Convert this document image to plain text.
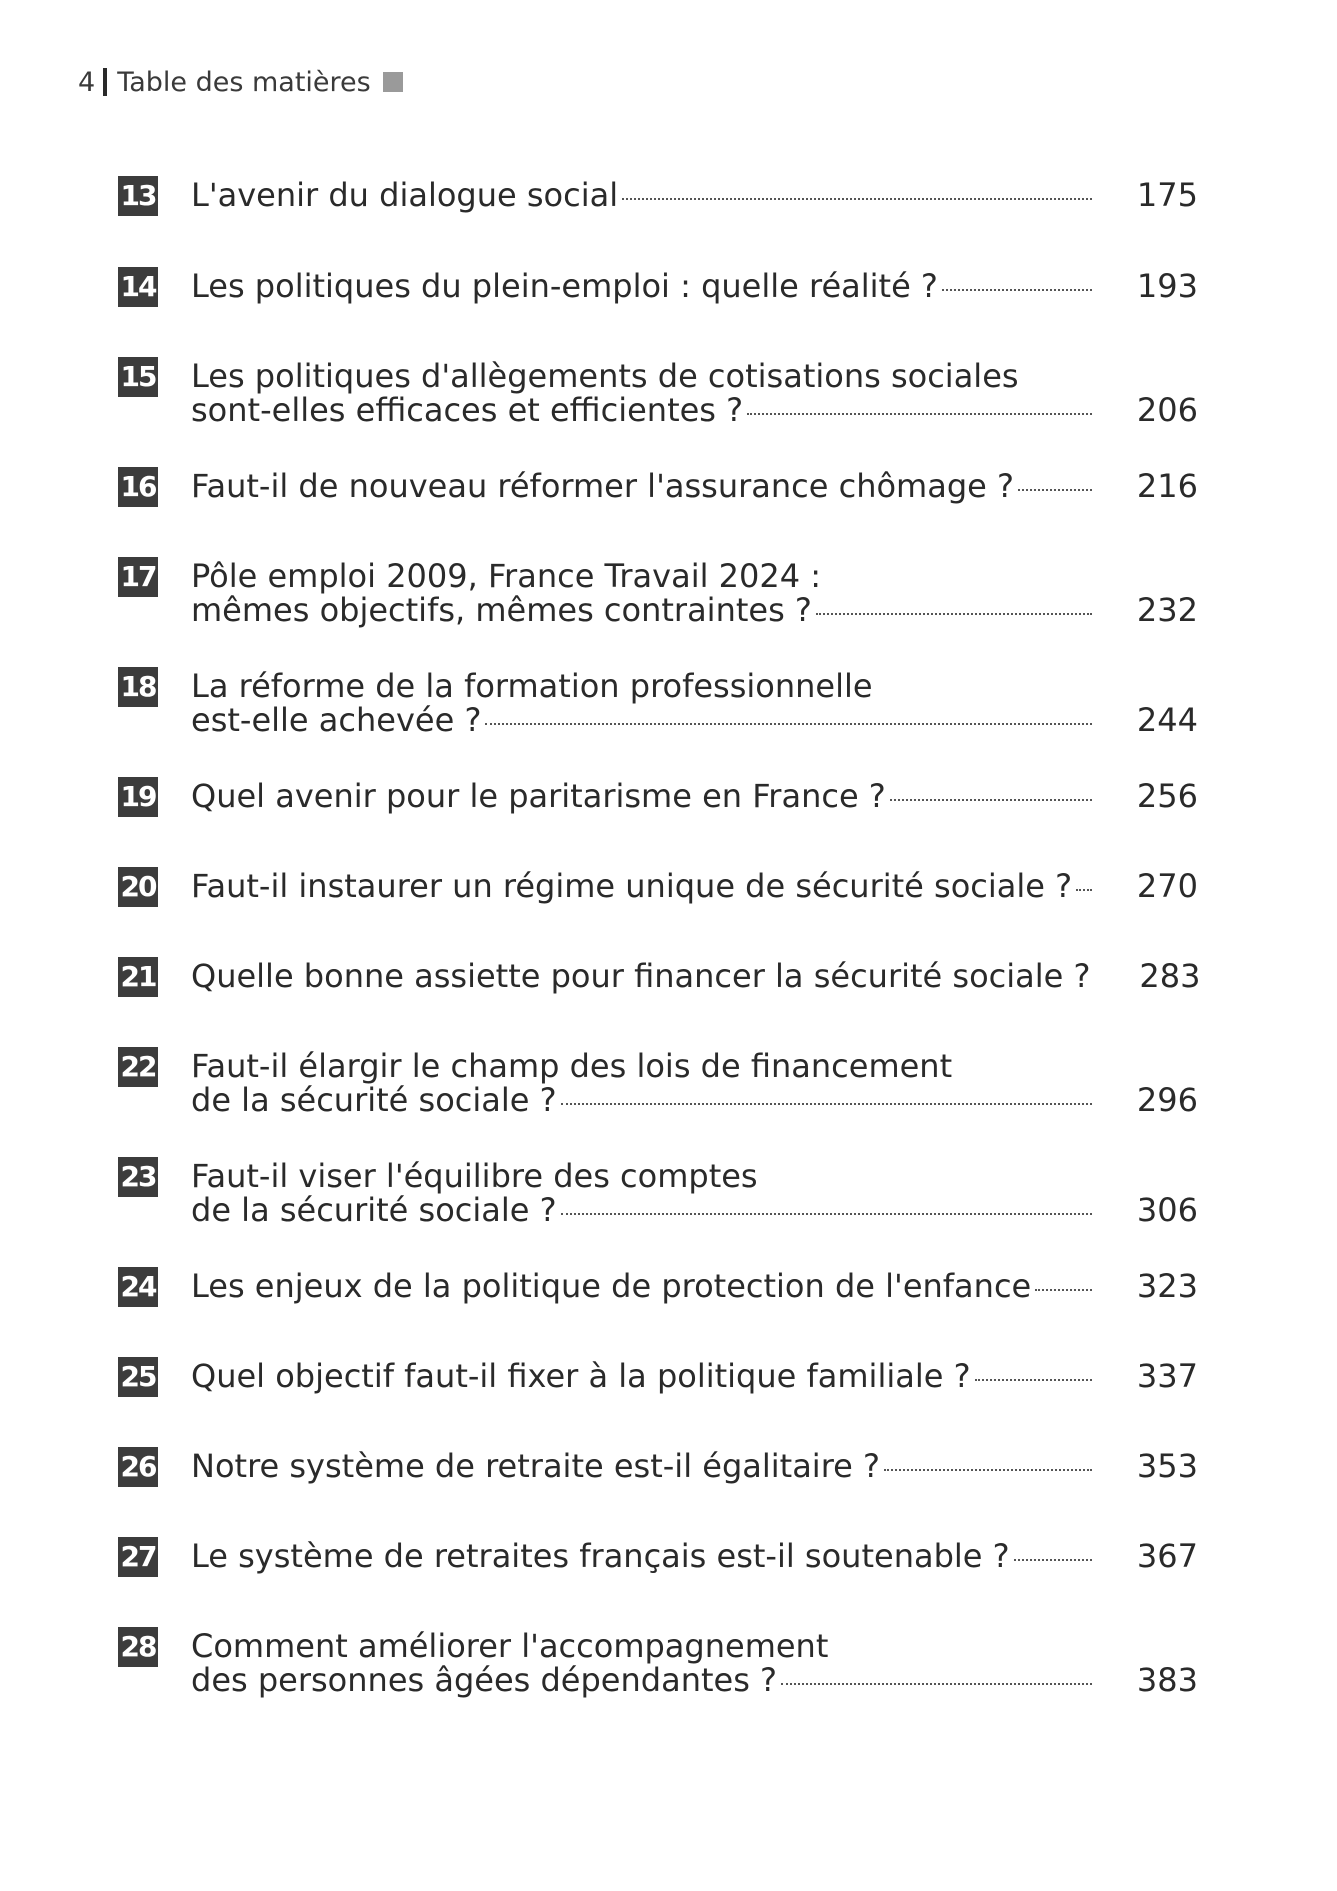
4 Table des matières
13 L'avenir du dialogue social	175
14 Les politiques du plein-emploi : quelle réalité ?	193
15 Les politiques d'allègements de cotisations sociales
sont-elles efficaces et efficientes ?	206
16 Faut-il de nouveau réformer l'assurance chômage ?	216
17 Pôle emploi 2009, France Travail 2024 :
mêmes objectifs, mêmes contraintes ?	232
18 La réforme de la formation professionnelle
est-elle achevée ?	244
19 Quel avenir pour le paritarisme en France ?	256
20 Faut-il instaurer un régime unique de sécurité sociale ? 270
21 Quelle bonne assiette pour financer la sécurité sociale ? 283
22 Faut-il élargir le champ des lois de financement
de la sécurité sociale ?	296
23 Faut-il viser l'équilibre des comptes
de la sécurité sociale ?	306
24 Les enjeux de la politique de protection de l'enfance	323
25 Quel objectif faut-il fixer à la politique familiale ?	337
26 Notre système de retraite est-il égalitaire ?	353
27 Le système de retraites français est-il soutenable ?	367
28 Comment améliorer l'accompagnement
des personnes âgées dépendantes ?	383
